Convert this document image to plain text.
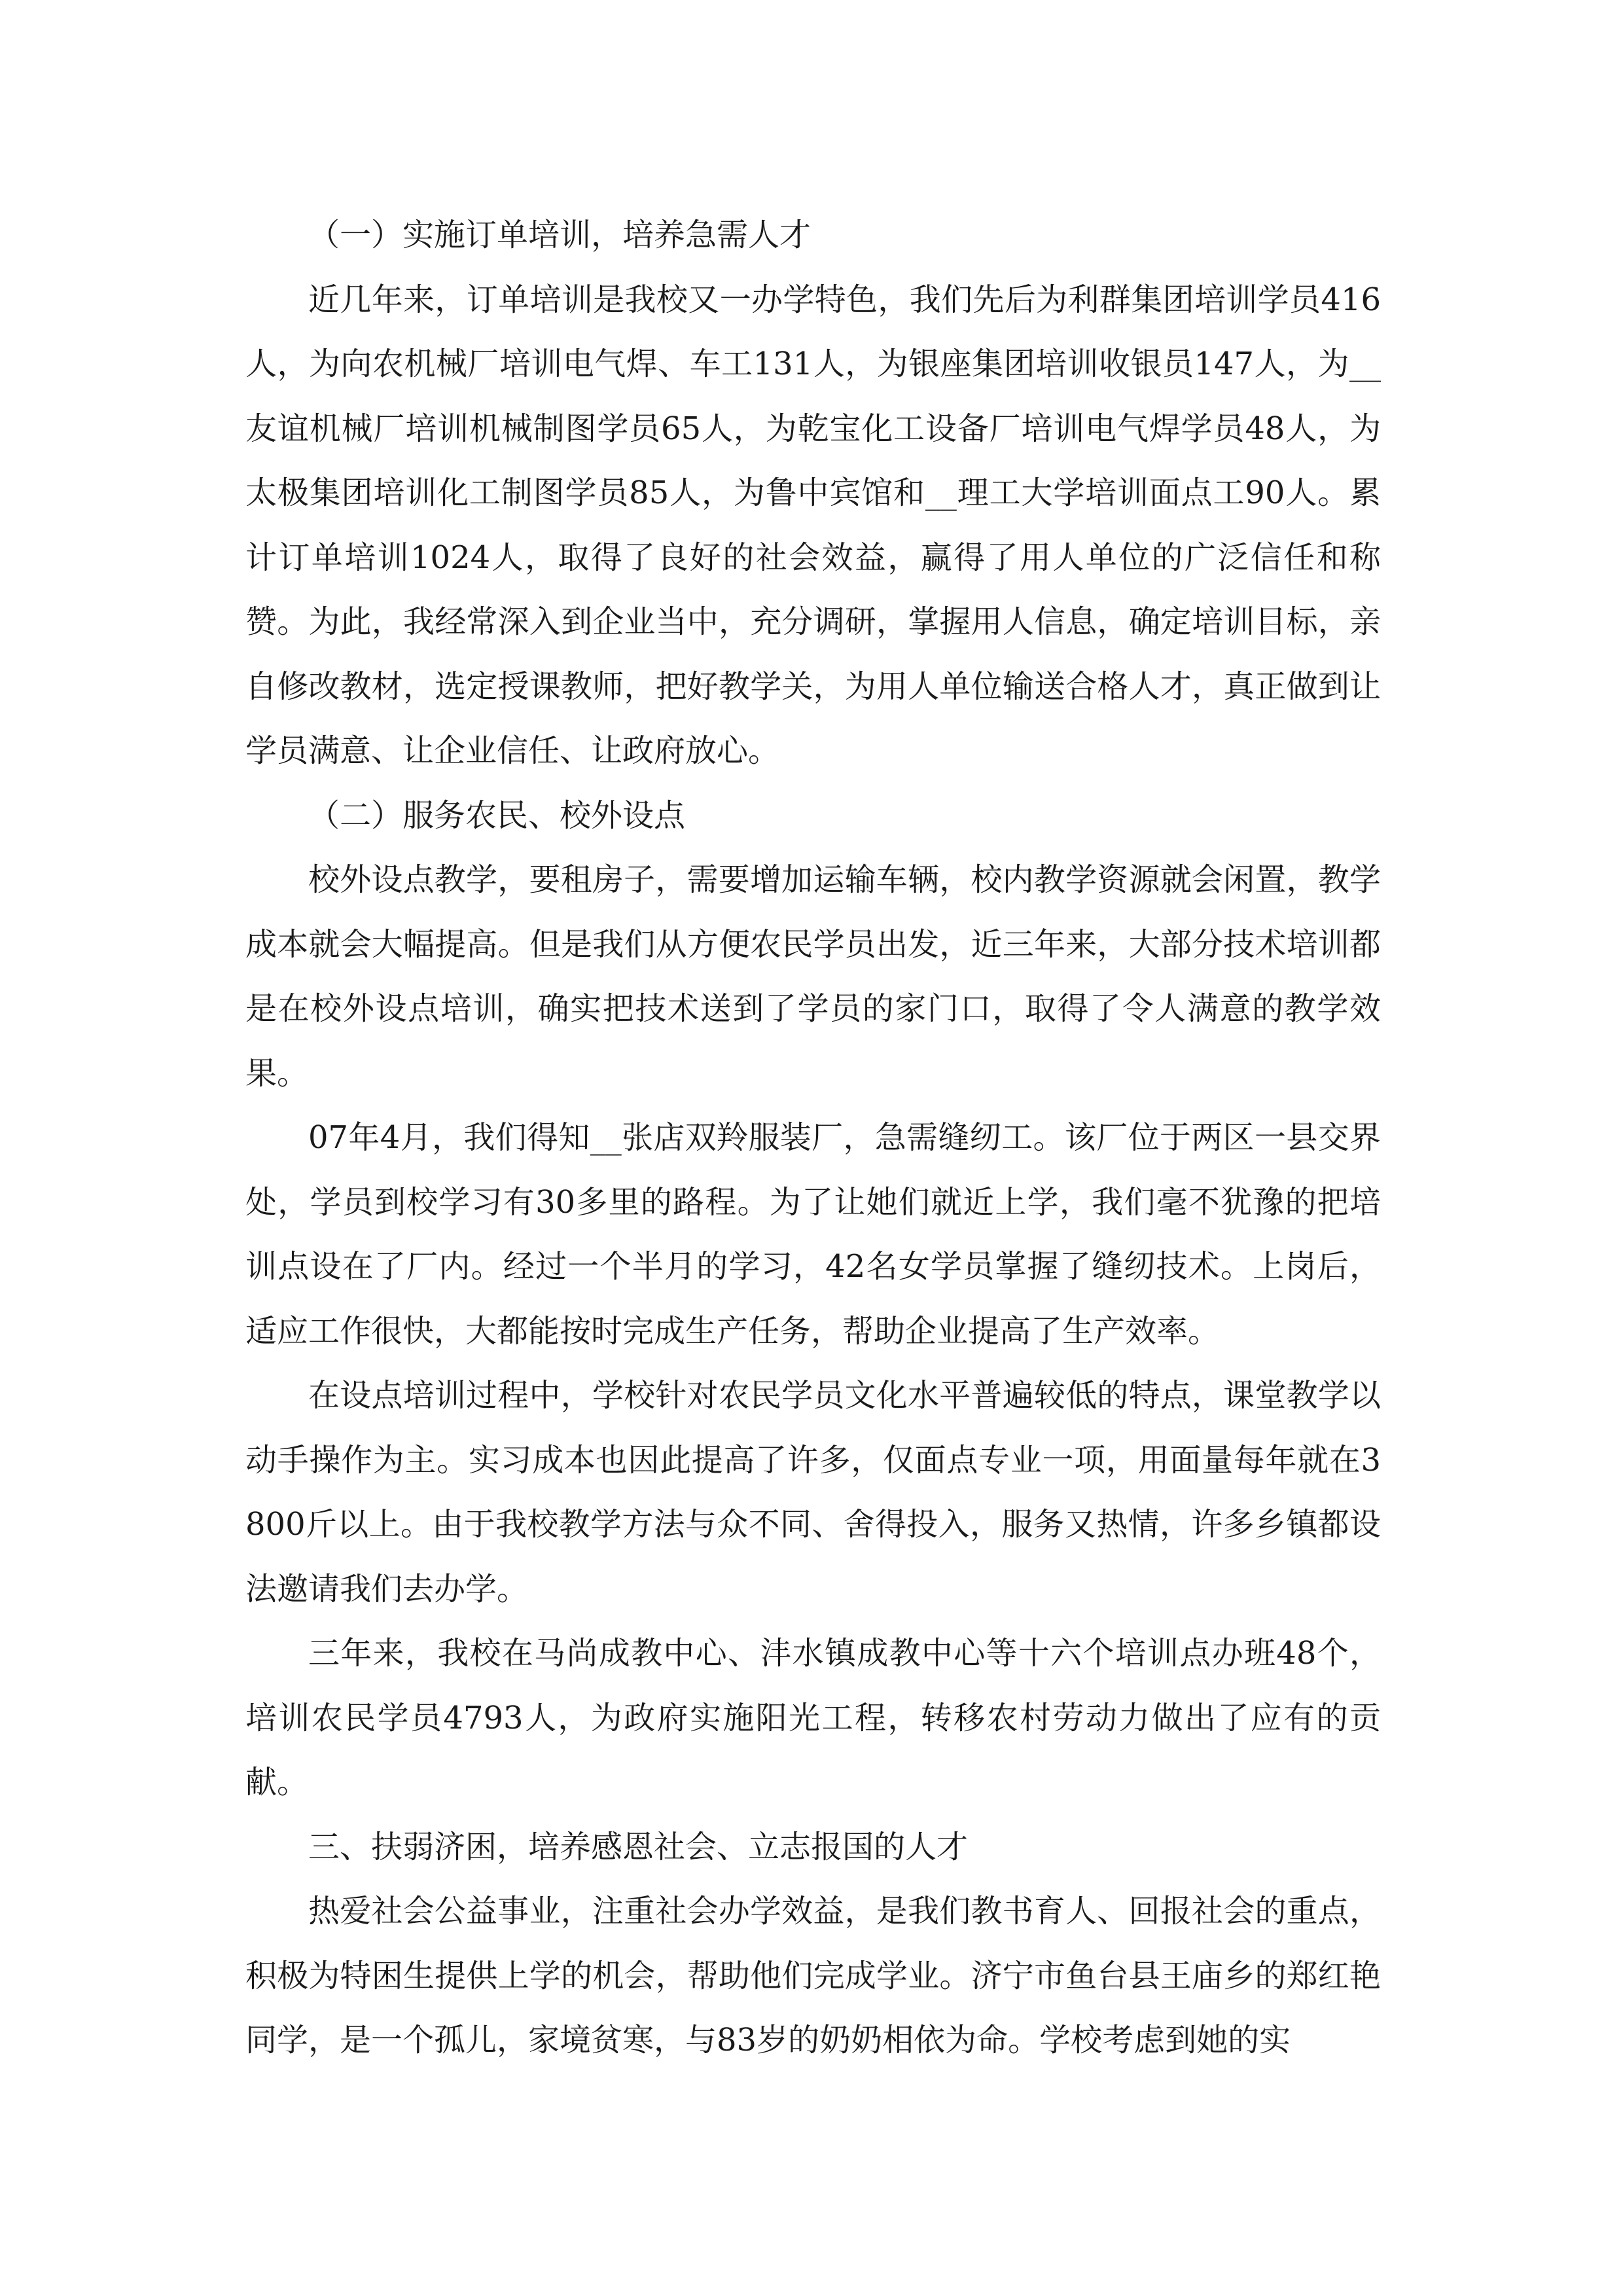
（一）实施订单培训，培养急需人才

近几年来，订单培训是我校又一办学特色，我们先后为利群集团培训学员416人，为向农机械厂培训电气焊、车工131人，为银座集团培训收银员147人，为__友谊机械厂培训机械制图学员65人，为乾宝化工设备厂培训电气焊学员48人，为太极集团培训化工制图学员85人，为鲁中宾馆和__理工大学培训面点工90人。累计订单培训1024人，取得了良好的社会效益，赢得了用人单位的广泛信任和称赞。为此，我经常深入到企业当中，充分调研，掌握用人信息，确定培训目标，亲自修改教材，选定授课教师，把好教学关，为用人单位输送合格人才，真正做到让学员满意、让企业信任、让政府放心。

（二）服务农民、校外设点

校外设点教学，要租房子，需要增加运输车辆，校内教学资源就会闲置，教学成本就会大幅提高。但是我们从方便农民学员出发，近三年来，大部分技术培训都是在校外设点培训，确实把技术送到了学员的家门口，取得了令人满意的教学效果。

07年4月，我们得知__张店双羚服装厂，急需缝纫工。该厂位于两区一县交界处，学员到校学习有30多里的路程。为了让她们就近上学，我们毫不犹豫的把培训点设在了厂内。经过一个半月的学习，42名女学员掌握了缝纫技术。上岗后，适应工作很快，大都能按时完成生产任务，帮助企业提高了生产效率。

在设点培训过程中，学校针对农民学员文化水平普遍较低的特点，课堂教学以动手操作为主。实习成本也因此提高了许多，仅面点专业一项，用面量每年就在3800斤以上。由于我校教学方法与众不同、舍得投入，服务又热情，许多乡镇都设法邀请我们去办学。

三年来，我校在马尚成教中心、沣水镇成教中心等十六个培训点办班48个，培训农民学员4793人，为政府实施阳光工程，转移农村劳动力做出了应有的贡献。

三、扶弱济困，培养感恩社会、立志报国的人才

热爱社会公益事业，注重社会办学效益，是我们教书育人、回报社会的重点，积极为特困生提供上学的机会，帮助他们完成学业。济宁市鱼台县王庙乡的郑红艳同学，是一个孤儿，家境贫寒，与83岁的奶奶相依为命。学校考虑到她的实
